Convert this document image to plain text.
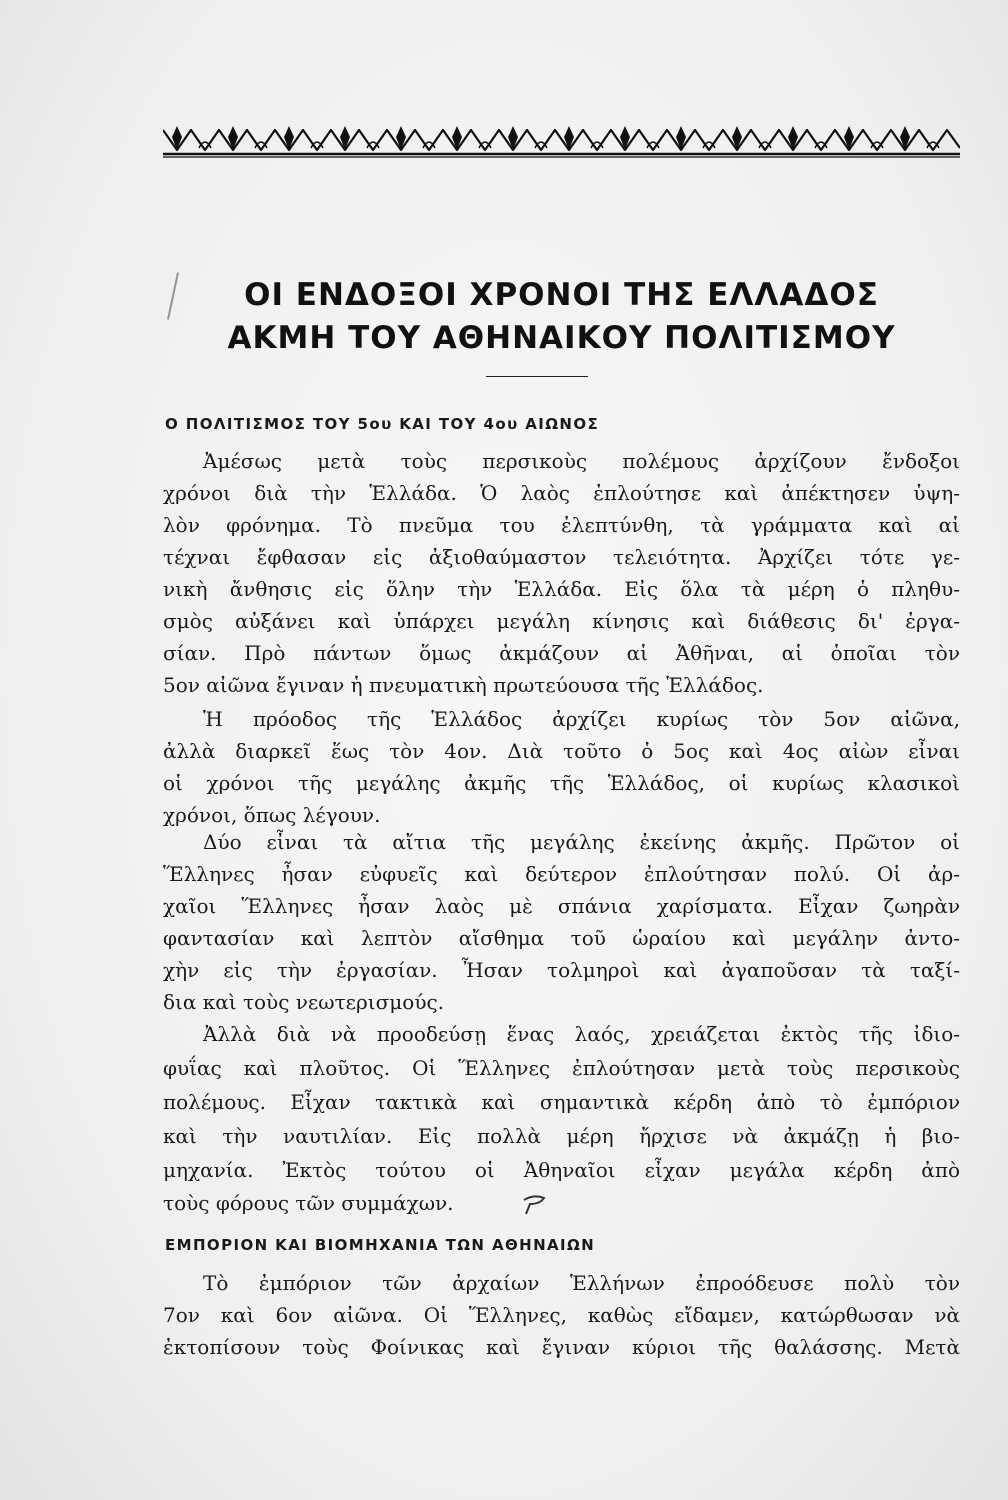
ΟΙ ΕΝΔΟΞΟΙ ΧΡΟΝΟΙ ΤΗΣ ΕΛΛΑΔΟΣ
ΑΚΜΗ ΤΟΥ ΑΘΗΝΑΙΚΟΥ ΠΟΛΙΤΙΣΜΟΥ
Ο ΠΟΛΙΤΙΣΜΟΣ ΤΟΥ 5ου ΚΑΙ ΤΟΥ 4ου ΑΙΩΝΟΣ

Ἀμέσως μετὰ τοὺς περσικοὺς πολέμους ἀρχίζουν ἔνδοξοι

χρόνοι διὰ τὴν Ἑλλάδα. Ὁ λαὸς ἐπλούτησε καὶ ἀπέκτησεν ὑψη-

λὸν φρόνημα. Τὸ πνεῦμα του ἐλεπτύνθη, τὰ γράμματα καὶ αἱ

τέχναι ἔφθασαν εἰς ἀξιοθαύμαστον τελειότητα. Ἀρχίζει τότε γε-

νικὴ ἄνθησις εἰς ὅλην τὴν Ἑλλάδα. Εἰς ὅλα τὰ μέρη ὁ πληθυ-

σμὸς αὐξάνει καὶ ὑπάρχει μεγάλη κίνησις καὶ διάθεσις δι' ἐργα-

σίαν. Πρὸ πάντων ὅμως ἀκμάζουν αἱ Ἀθῆναι, αἱ ὁποῖαι τὸν

5ον αἰῶνα ἔγιναν ἡ πνευματικὴ πρωτεύουσα τῆς Ἑλλάδος.

Ἡ πρόοδος τῆς Ἑλλάδος ἀρχίζει κυρίως τὸν 5ον αἰῶνα,

ἀλλὰ διαρκεῖ ἕως τὸν 4ον. Διὰ τοῦτο ὁ 5ος καὶ 4ος αἰὼν εἶναι

οἱ χρόνοι τῆς μεγάλης ἀκμῆς τῆς Ἑλλάδος, οἱ κυρίως κλασικοὶ

χρόνοι, ὅπως λέγουν.

Δύο εἶναι τὰ αἴτια τῆς μεγάλης ἐκείνης ἀκμῆς. Πρῶτον οἱ

Ἕλληνες ἦσαν εὐφυεῖς καὶ δεύτερον ἐπλούτησαν πολύ. Οἱ ἀρ-

χαῖοι Ἕλληνες ἦσαν λαὸς μὲ σπάνια χαρίσματα. Εἶχαν ζωηρὰν

φαντασίαν καὶ λεπτὸν αἴσθημα τοῦ ὡραίου καὶ μεγάλην ἀντο-

χὴν εἰς τὴν ἐργασίαν. Ἦσαν τολμηροὶ καὶ ἀγαποῦσαν τὰ ταξί-

δια καὶ τοὺς νεωτερισμούς.

Ἀλλὰ διὰ νὰ προοδεύσῃ ἕνας λαός, χρειάζεται ἐκτὸς τῆς ἰδιο-

φυΐας καὶ πλοῦτος. Οἱ Ἕλληνες ἐπλούτησαν μετὰ τοὺς περσικοὺς

πολέμους. Εἶχαν τακτικὰ καὶ σημαντικὰ κέρδη ἀπὸ τὸ ἐμπόριον

καὶ τὴν ναυτιλίαν. Εἰς πολλὰ μέρη ἤρχισε νὰ ἀκμάζῃ ἡ βιο-

μηχανία. Ἐκτὸς τούτου οἱ Ἀθηναῖοι εἶχαν μεγάλα κέρδη ἀπὸ

τοὺς φόρους τῶν συμμάχων.

ΕΜΠΟΡΙΟΝ ΚΑΙ ΒΙΟΜΗΧΑΝΙΑ ΤΩΝ ΑΘΗΝΑΙΩΝ

Τὸ ἐμπόριον τῶν ἀρχαίων Ἑλλήνων ἐπροόδευσε πολὺ τὸν

7ον καὶ 6ον αἰῶνα. Οἱ Ἕλληνες, καθὼς εἴδαμεν, κατώρθωσαν νὰ

ἐκτοπίσουν τοὺς Φοίνικας καὶ ἔγιναν κύριοι τῆς θαλάσσης. Μετὰ
